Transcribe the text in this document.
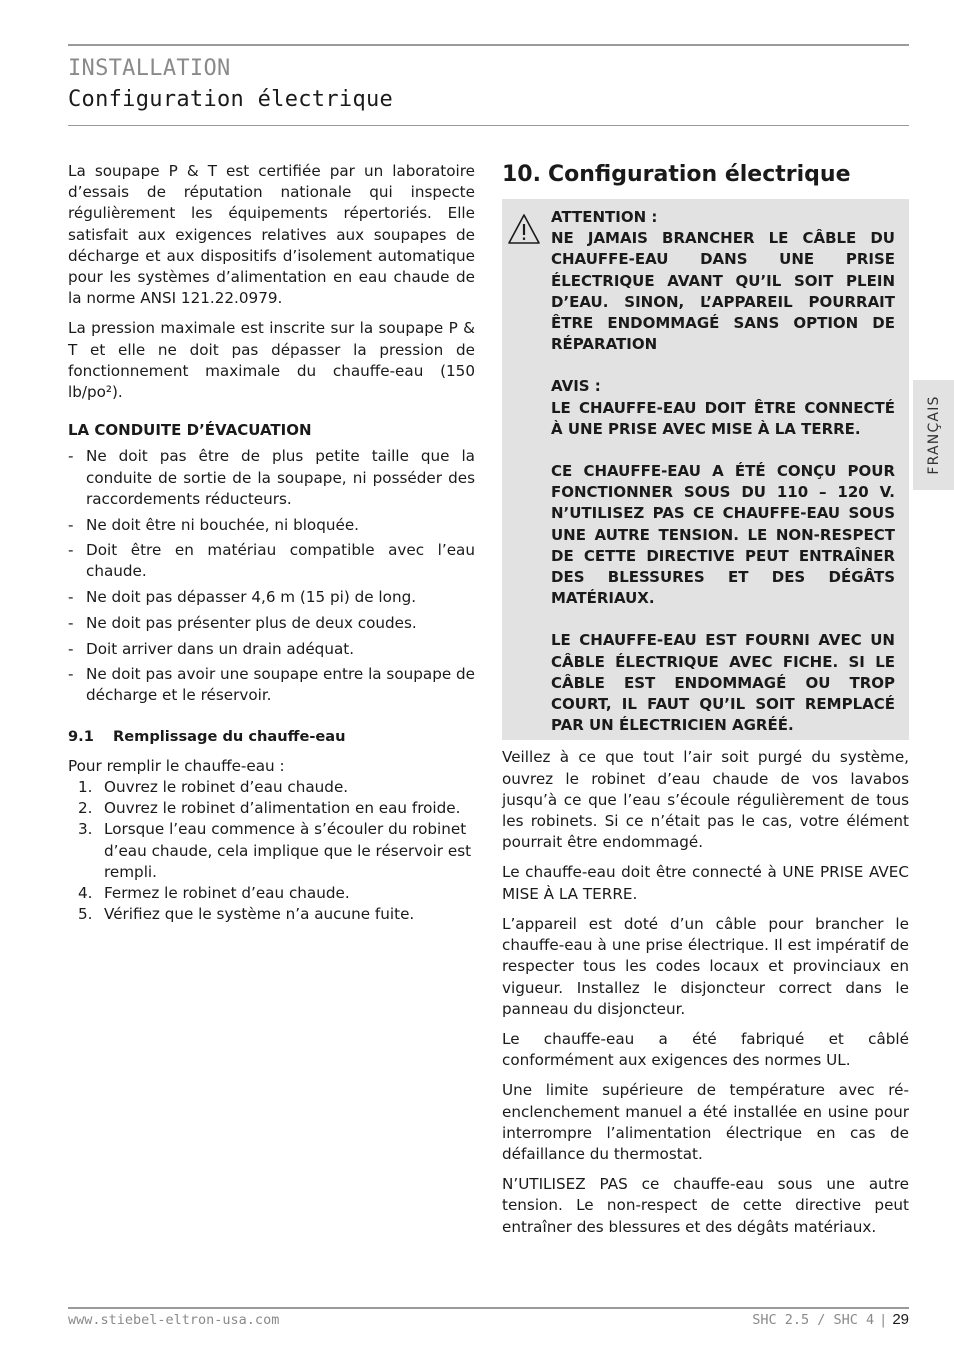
INSTALLATION
Configuration électrique

La soupape P & T est certifiée par un laboratoire d’essais de réputation nationale qui inspecte régulièrement les équipements répertoriés. Elle satisfait aux exigences relatives aux soupapes de décharge et aux dispositifs d’isolement automatique pour les systèmes d’alimentation en eau chaude de la norme ANSI 121.22.0979.

La pression maximale est inscrite sur la soupape P & T et elle ne doit pas dépasser la pression de fonctionnement maximale du chauffe-eau (150 lb/po²).

LA CONDUITE D’ÉVACUATION
- Ne doit pas être de plus petite taille que la conduite de sortie de la soupape, ni posséder des raccordements réducteurs.
- Ne doit être ni bouchée, ni bloquée.
- Doit être en matériau compatible avec l’eau chaude.
- Ne doit pas dépasser 4,6 m (15 pi) de long.
- Ne doit pas présenter plus de deux coudes.
- Doit arriver dans un drain adéquat.
- Ne doit pas avoir une soupape entre la soupape de décharge et le réservoir.
9.1	Remplissage du chauffe-eau

Pour remplir le chauffe-eau :

1. Ouvrez le robinet d’eau chaude.
2. Ouvrez le robinet d’alimentation en eau froide.
3. Lorsque l’eau commence à s’écouler du robinet d’eau chaude, cela implique que le réservoir est rempli.
4. Fermez le robinet d’eau chaude.
5. Vérifiez que le système n’a aucune fuite.
10. Configuration électrique

ATTENTION :

NE JAMAIS BRANCHER LE CÂBLE DU CHAUFFE-EAU DANS UNE PRISE ÉLECTRIQUE AVANT QU’IL SOIT PLEIN D’EAU. SINON, L’APPAREIL POURRAIT ÊTRE ENDOMMAGÉ SANS OPTION DE RÉPARATION

AVIS :

LE CHAUFFE-EAU DOIT ÊTRE CONNECTÉ À UNE PRISE AVEC MISE À LA TERRE.

CE CHAUFFE-EAU A ÉTÉ CONÇU POUR FONCTIONNER SOUS DU 110 – 120 V. N’UTILISEZ PAS CE CHAUFFE-EAU SOUS UNE AUTRE TENSION. LE NON-RESPECT DE CETTE DIRECTIVE PEUT ENTRAÎNER DES BLESSURES ET DES DÉGÂTS MATÉRIAUX.

LE CHAUFFE-EAU EST FOURNI AVEC UN CÂBLE ÉLECTRIQUE AVEC FICHE. SI LE CÂBLE EST ENDOMMAGÉ OU TROP COURT, IL FAUT QU’IL SOIT REMPLACÉ PAR UN ÉLECTRICIEN AGRÉÉ.

Veillez à ce que tout l’air soit purgé du système, ouvrez le robinet d’eau chaude de vos lavabos jusqu’à ce que l’eau s’écoule régulièrement de tous les robinets. Si ce n’était pas le cas, votre élément pourrait être endommagé.

Le chauffe-eau doit être connecté à UNE PRISE AVEC MISE À LA TERRE.

L’appareil est doté d’un câble pour brancher le chauffe-eau à une prise électrique. Il est impératif de respecter tous les codes locaux et provinciaux en vigueur. Installez le disjoncteur correct dans le panneau du disjoncteur.

Le chauffe-eau a été fabriqué et câblé conformément aux exigences des normes UL.

Une limite supérieure de température avec ré-enclenchement manuel a été installée en usine pour interrompre l’alimentation électrique en cas de défaillance du thermostat.

N’UTILISEZ PAS ce chauffe-eau sous une autre tension. Le non-respect de cette directive peut entraîner des blessures et des dégâts matériaux.

FRANÇAIS
www.stiebel-eltron-usa.com	SHC 2.5 / SHC 4 | 29
